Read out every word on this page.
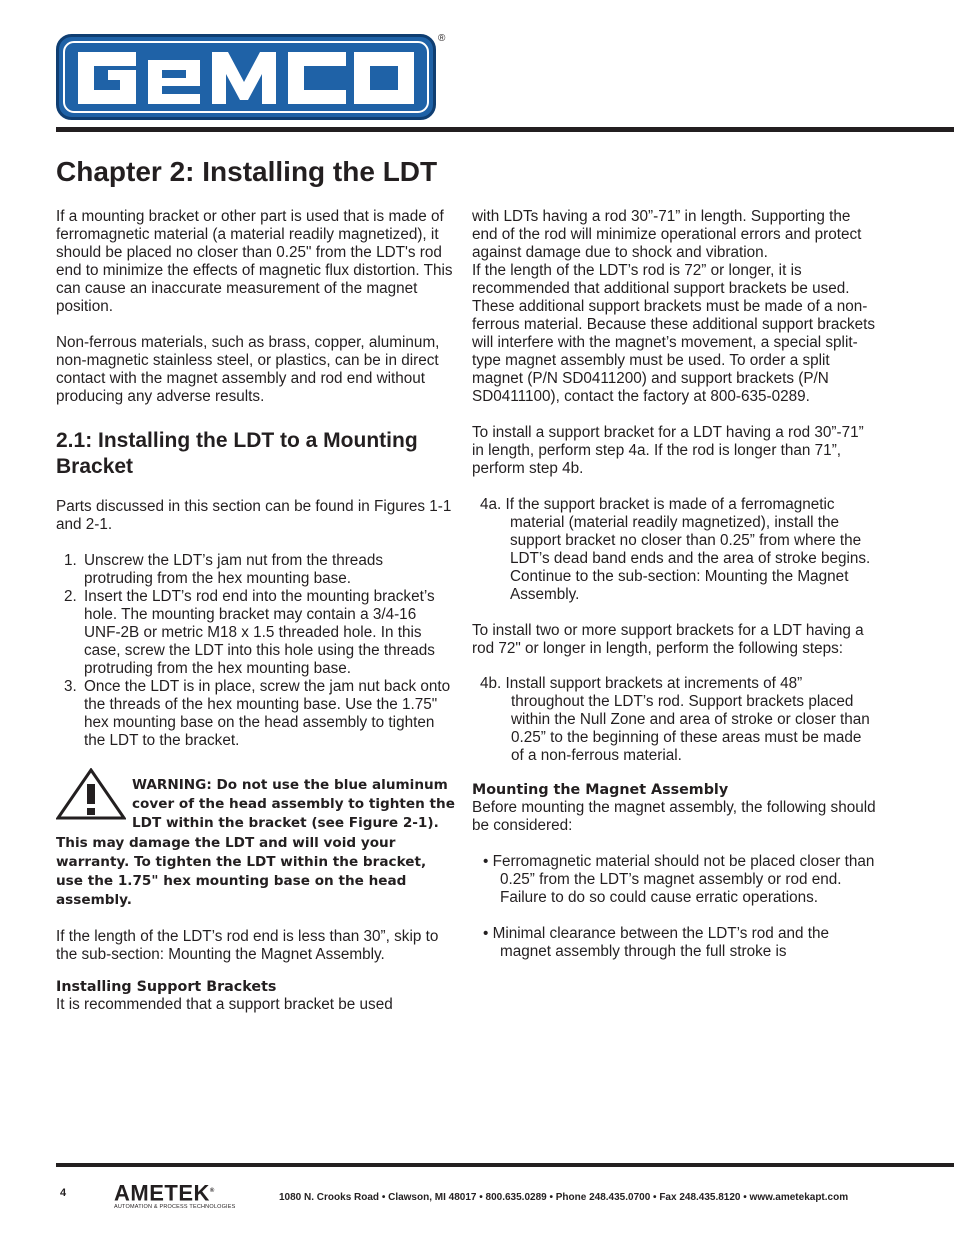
®
Chapter 2: Installing the LDT

If a mounting bracket or other part is used that is made of ferromagnetic material (a material readily magnetized), it should be placed no closer than 0.25" from the LDT's rod end to minimize the effects of magnetic flux distortion. This can cause an inaccurate measurement of the magnet position.

Non-ferrous materials, such as brass, copper, aluminum, non-magnetic stainless steel, or plastics, can be in direct contact with the magnet assembly and rod end without producing any adverse results.

2.1: Installing the LDT to a Mounting Bracket

Parts discussed in this section can be found in Figures 1-1 and 2-1.

1. Unscrew the LDT’s jam nut from the threads protruding from the hex mounting base.
2. Insert the LDT’s rod end into the mounting bracket’s hole. The mounting bracket may contain a 3/4-16 UNF-2B or metric M18 x 1.5 threaded hole. In this case, screw the LDT into this hole using the threads protruding from the hex mounting base.
3. Once the LDT is in place, screw the jam nut back onto the threads of the hex mounting base. Use the 1.75" hex mounting base on the head assembly to tighten the LDT to the bracket.
WARNING: Do not use the blue aluminum cover of the head assembly to tighten the LDT within the bracket (see Figure 2-1). This may damage the LDT and will void your warranty. To tighten the LDT within the bracket, use the 1.75" hex mounting base on the head assembly.

If the length of the LDT’s rod end is less than 30”, skip to the sub-section: Mounting the Magnet Assembly.

Installing Support Brackets

It is recommended that a support bracket be used

with LDTs having a rod 30”-71” in length. Supporting the end of the rod will minimize operational errors and protect against damage due to shock and vibration.

If the length of the LDT’s rod is 72” or longer, it is recommended that additional support brackets be used. These additional support brackets must be made of a non-ferrous material. Because these additional support brackets will interfere with the magnet’s movement, a special split-type magnet assembly must be used. To order a split magnet (P/N SD0411200) and support brackets (P/N SD0411100), contact the factory at 800-635-0289.

To install a support bracket for a LDT having a rod 30”-71” in length, perform step 4a. If the rod is longer than 71”, perform step 4b.

4a. If the support bracket is made of a ferromagnetic material (material readily magnetized), install the support bracket no closer than 0.25” from where the LDT’s dead band ends and the area of stroke begins. Continue to the sub-section: Mounting the Magnet Assembly.

To install two or more support brackets for a LDT having a rod 72" or longer in length, perform the following steps:

4b. Install support brackets at increments of 48” throughout the LDT’s rod. Support brackets placed within the Null Zone and area of stroke or closer than 0.25” to the beginning of these areas must be made of a non-ferrous material.

Mounting the Magnet Assembly

Before mounting the magnet assembly, the following should be considered:

• Ferromagnetic material should not be placed closer than 0.25” from the LDT’s magnet assembly or rod end. Failure to do so could cause erratic operations.

• Minimal clearance between the LDT’s rod and the magnet assembly through the full stroke is

4 AMETEK®
AUTOMATION & PROCESS TECHNOLOGIES
1080 N. Crooks Road • Clawson, MI 48017 • 800.635.0289 • Phone 248.435.0700 • Fax 248.435.8120 • www.ametekapt.com
